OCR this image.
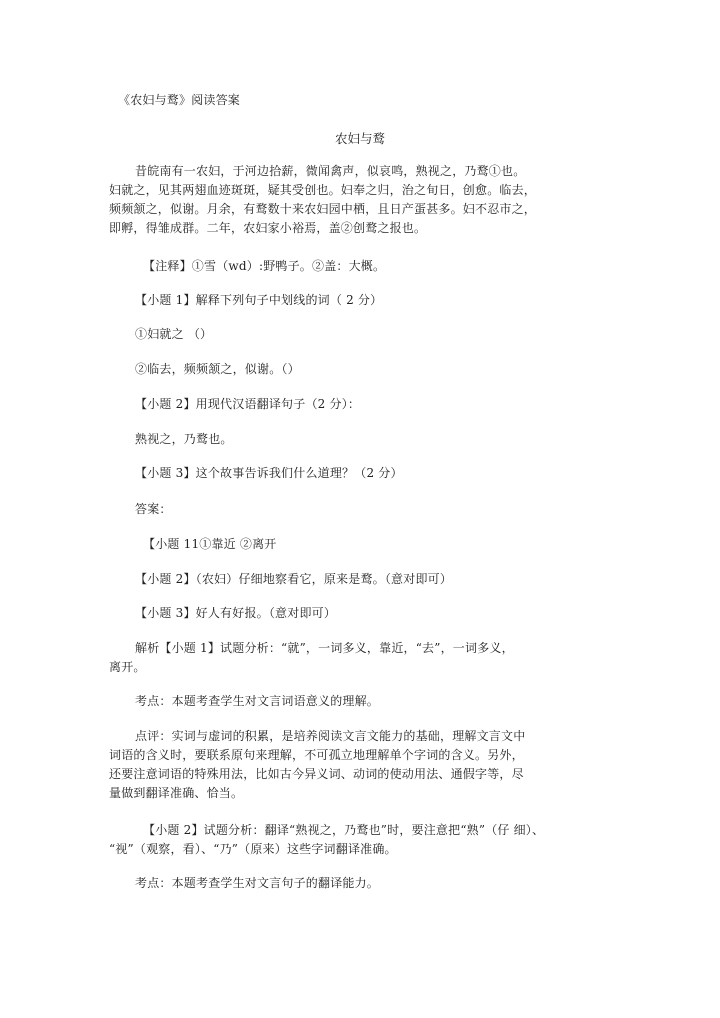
《农妇与鹜》阅读答案
农妇与鹜
昔皖南有一农妇，于河边拾薪，微闻禽声，似哀鸣，熟视之，乃鹜①也。
妇就之，见其两翅血迹斑斑，疑其受创也。妇奉之归，治之旬日，创愈。临去，
频频颔之，似谢。月余，有鹜数十来农妇园中栖，且日产蛋甚多。妇不忍市之，
即孵，得雏成群。二年，农妇家小裕焉，盖②创鹜之报也。
【注释】①雪（wd）:野鸭子。②盖：大概。
【小题 1】解释下列句子中划线的词（ 2 分）
①妇就之 （）
②临去，频频颔之，似谢。（）
【小题 2】用现代汉语翻译句子（2 分）：
熟视之，乃鹜也。
【小题 3】这个故事告诉我们什么道理？（2 分）
答案：
【小题 11①靠近 ②离开
【小题 2】（农妇）仔细地察看它，原来是鹜。（意对即可）
【小题 3】好人有好报。（意对即可）
解析【小题 1】试题分析：“就”，一词多义，靠近，“去”，一词多义，
离开。
考点：本题考查学生对文言词语意义的理解。
点评：实词与虚词的积累，是培养阅读文言文能力的基础，理解文言文中
词语的含义时，要联系原句来理解，不可孤立地理解单个字词的含义。另外，
还要注意词语的特殊用法，比如古今异义词、动词的使动用法、通假字等，尽
量做到翻译准确、恰当。
【小题 2】试题分析：翻译“熟视之，乃鹜也”时，要注意把“熟”（仔 细）、
“视”（观察，看）、“乃”（原来）这些字词翻译准确。
考点：本题考查学生对文言句子的翻译能力。
